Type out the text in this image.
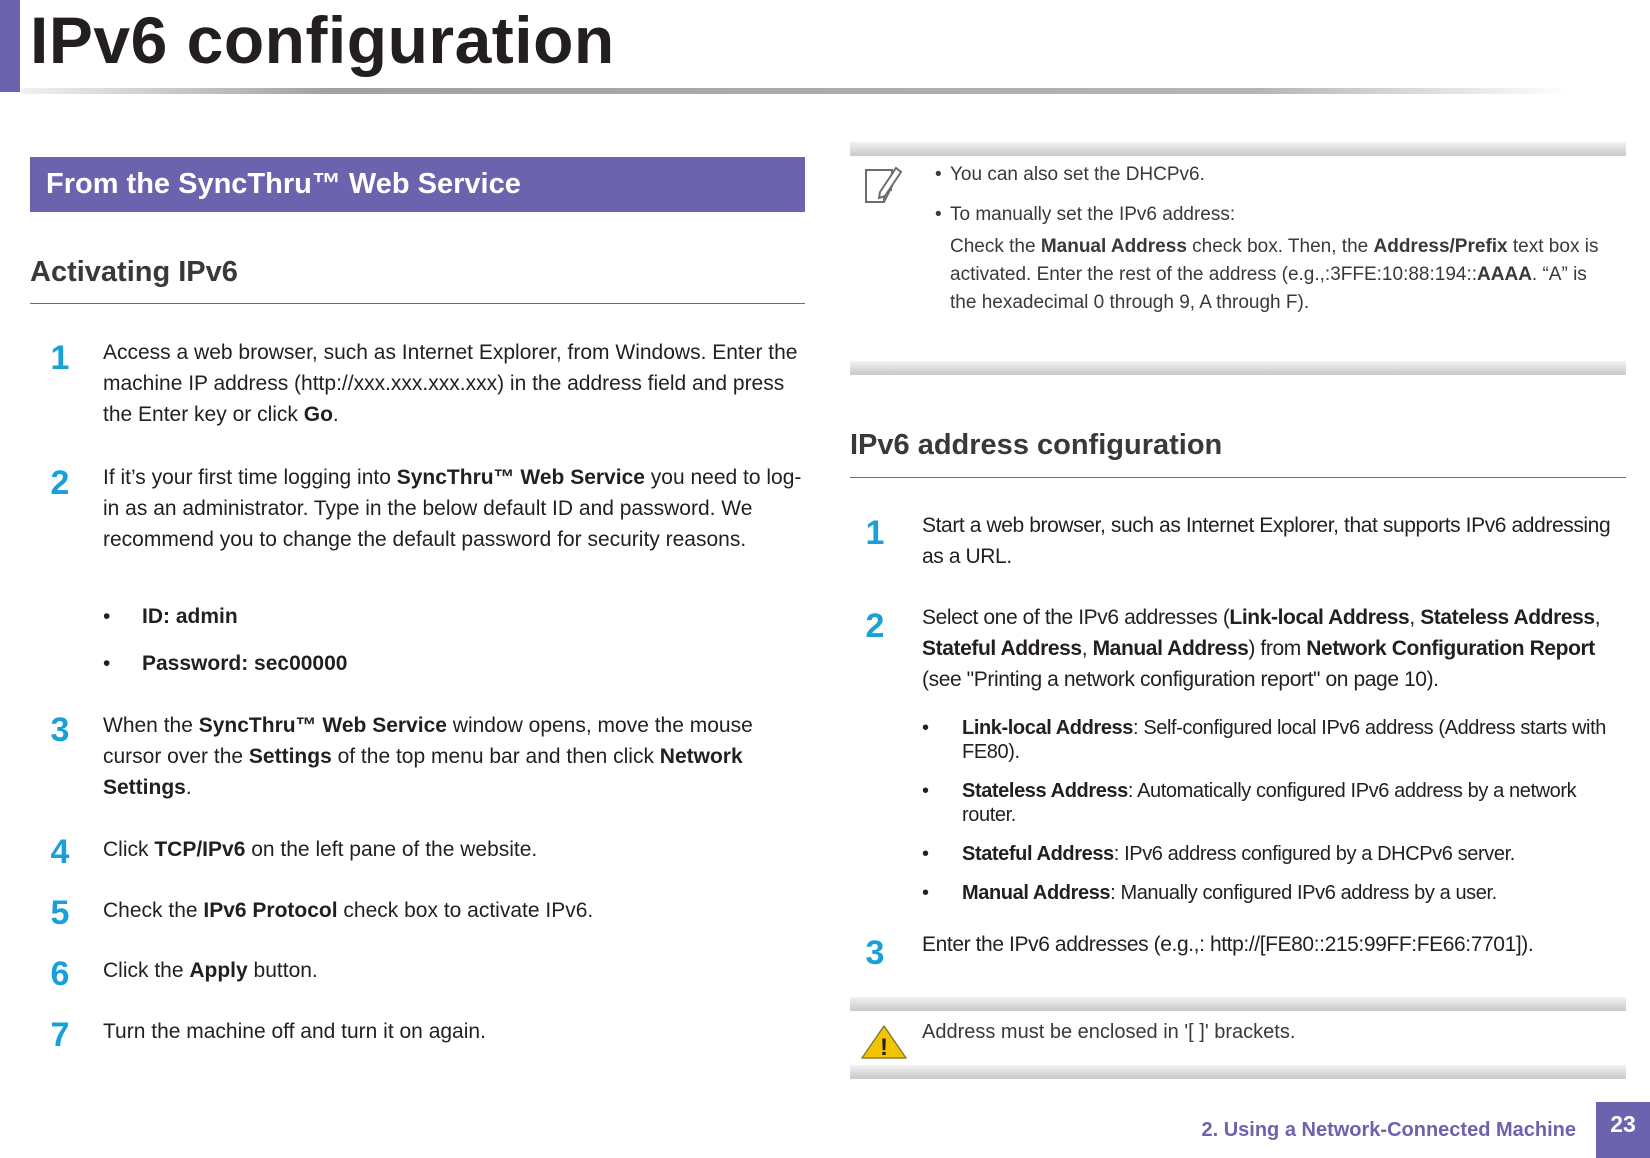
IPv6 configuration
From the SyncThru™ Web Service
Activating IPv6
1	Access a web browser, such as Internet Explorer, from Windows. Enter the machine IP address (http://xxx.xxx.xxx.xxx) in the address field and press the Enter key or click Go.
2	If it’s your first time logging into SyncThru™ Web Service you need to log-in as an administrator. Type in the below default ID and password. We recommend you to change the default password for security reasons.
• ID: admin
• Password: sec00000
3	When the SyncThru™ Web Service window opens, move the mouse cursor over the Settings of the top menu bar and then click Network Settings.
4	Click TCP/IPv6 on the left pane of the website.
5	Check the IPv6 Protocol check box to activate IPv6.
6	Click the Apply button.
7	Turn the machine off and turn it on again.
• You can also set the DHCPv6.
• To manually set the IPv6 address:
Check the Manual Address check box. Then, the Address/Prefix text box is activated. Enter the rest of the address (e.g.,:3FFE:10:88:194::AAAA. “A” is the hexadecimal 0 through 9, A through F).
IPv6 address configuration
1	Start a web browser, such as Internet Explorer, that supports IPv6 addressing as a URL.
2	Select one of the IPv6 addresses (Link-local Address, Stateless Address, Stateful Address, Manual Address) from Network Configuration Report (see "Printing a network configuration report" on page 10).
• Link-local Address: Self-configured local IPv6 address (Address starts with FE80).
• Stateless Address: Automatically configured IPv6 address by a network router.
• Stateful Address: IPv6 address configured by a DHCPv6 server.
• Manual Address: Manually configured IPv6 address by a user.
3	Enter the IPv6 addresses (e.g.,: http://[FE80::215:99FF:FE66:7701]).
!
Address must be enclosed in '[ ]' brackets.
2. Using a Network-Connected Machine	23
